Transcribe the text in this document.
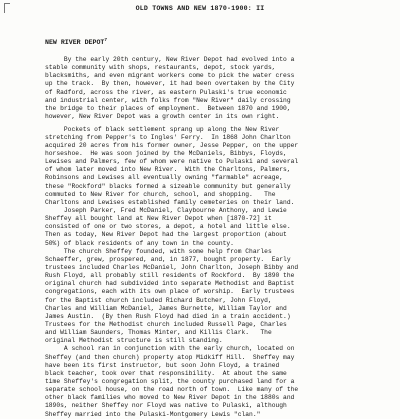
OLD TOWNS AND NEW 1870-1900: II
NEW RIVER DEPOT$^7$
By the early 20th century, New River Depot had evolved into a
stable community with shops, restaurants, depot, stock yards,
blacksmiths, and even migrant workers come to pick the water cress
up the track.  By then, however, it had been overtaken by the City
of Radford, across the river, as eastern Pulaski's true economic
and industrial center, with folks from "New River" daily crossing
the bridge to their places of employment.  Between 1870 and 1900,
however, New River Depot was a growth center in its own right.
Pockets of black settlement sprang up along the New River
stretching from Pepper's to Ingles' Ferry.  In 1868 John Charlton
acquired 20 acres from his former owner, Jesse Pepper, on the upper
horseshoe.  He was soon joined by the McDaniels, Bibbys, Floyds,
Lewises and Palmers, few of whom were native to Pulaski and several
of whom later moved into New River.  With the Charltons, Palmers,
Robinsons and Lewises all eventually owning "farmable" acreage,
these "Rockford" blacks formed a sizeable community but generally
commuted to New River for church, school, and shopping.   The
Charltons and Lewises established family cemeteries on their land.
Joseph Parker, Fred McDaniel, Claybourne Anthony, and Lewie
Sheffey all bought land at New River Depot when [1870-72] it
consisted of one or two stores, a depot, a hotel and little else.
Then as today, New River Depot had the largest proportion (about
50%) of black residents of any town in the county.
The church Sheffey founded, with some help from Charles
Schaeffer, grew, prospered, and, in 1877, bought property.  Early
trustees included Charles McDaniel, John Charlton, Joseph Bibby and
Rush Floyd, all probably still residents of Rockford.  By 1890 the
original church had subdivided into separate Methodist and Baptist
congregations, each with its own place of worship.  Early trustees
for the Baptist church included Richard Butcher, John Floyd,
Charles and William McDaniel, James Burnette, William Taylor and
James Austin.  (By then Rush Floyd had died in a train accident.)
Trustees for the Methodist church included Russell Page, Charles
and William Saunders, Thomas Minter, and Killis Clark.   The
original Methodist structure is still standing.
A school ran in conjunction with the early church, located on
Sheffey (and then church) property atop Midkiff Hill.  Sheffey may
have been its first instructor, but soon John Floyd, a trained
black teacher, took over that responsibility.  At about the same
time Sheffey's congregation split, the county purchased land for a
separate school house, on the road north of town.  Like many of the
other black families who moved to New River Depot in the 1880s and
1890s, neither Sheffey nor Floyd was native to Pulaski, although
Sheffey married into the Pulaski-Montgomery Lewis "clan."
